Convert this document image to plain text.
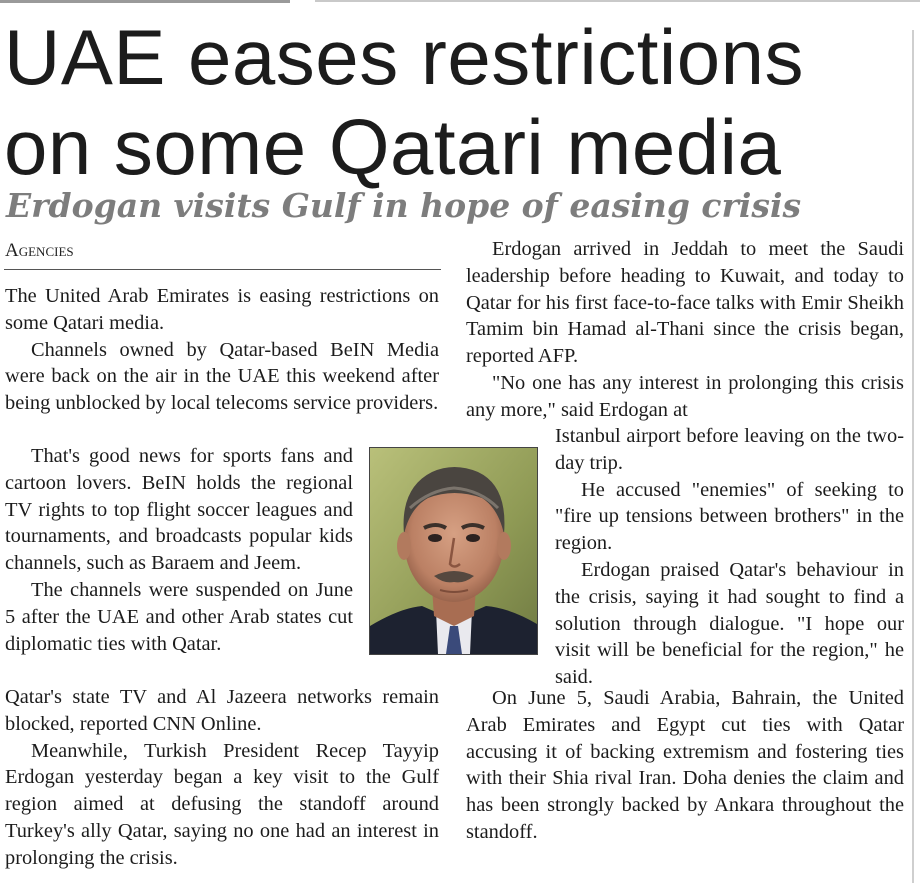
UAE eases restrictions on some Qatari media
Erdogan visits Gulf in hope of easing crisis
Agencies

The United Arab Emirates is easing restrictions on some Qatari media.

Channels owned by Qatar-based BeIN Media were back on the air in the UAE this weekend after being unblocked by local telecoms service providers.

That's good news for sports fans and cartoon lovers. BeIN holds the regional TV rights to top flight soccer leagues and tournaments, and broadcasts popular kids channels, such as Baraem and Jeem.

The channels were suspended on June 5 after the UAE and other Arab states cut diplomatic ties with Qatar.

Qatar's state TV and Al Jazeera networks remain blocked, reported CNN Online.

Meanwhile, Turkish President Recep Tayyip Erdogan yesterday began a key visit to the Gulf region aimed at defusing the standoff around Turkey's ally Qatar, saying no one had an interest in prolonging the crisis.

Erdogan arrived in Jeddah to meet the Saudi leadership before heading to Kuwait, and today to Qatar for his first face-to-face talks with Emir Sheikh Tamim bin Hamad al-Thani since the crisis began, reported AFP.

"No one has any interest in prolonging this crisis any more," said Erdogan at

Istanbul airport before leaving on the two-day trip.

He accused "enemies" of seeking to "fire up tensions between brothers" in the region.

Erdogan praised Qatar's behaviour in the crisis, saying it had sought to find a solution through dialogue. "I hope our visit will be beneficial for the region," he said.

On June 5, Saudi Arabia, Bahrain, the United Arab Emirates and Egypt cut ties with Qatar accusing it of backing extremism and fostering ties with their Shia rival Iran. Doha denies the claim and has been strongly backed by Ankara throughout the standoff.
